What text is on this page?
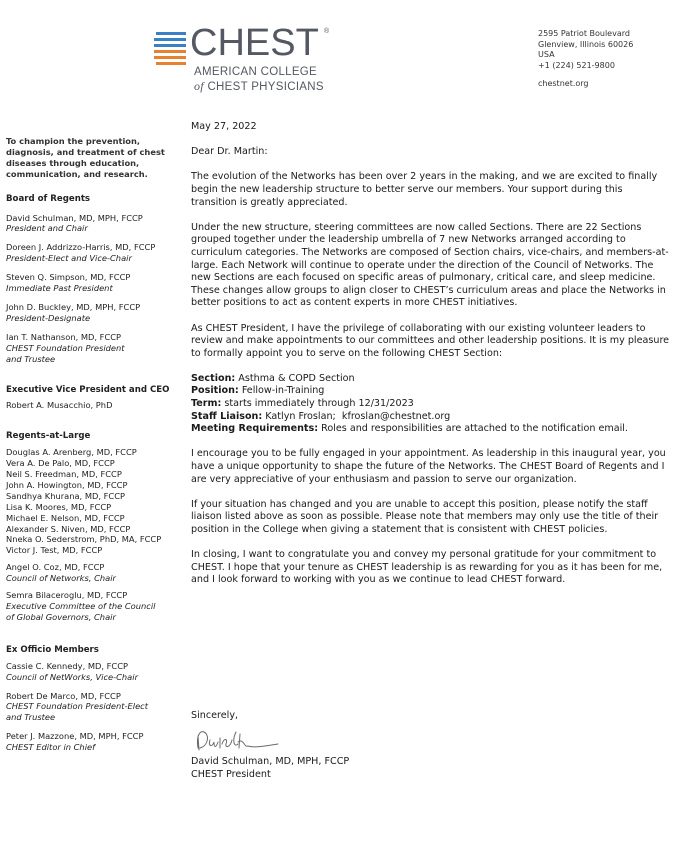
CHEST ®
AMERICAN COLLEGE
of CHEST PHYSICIANS
2595 Patriot Boulevard
Glenview, Illinois 60026
USA
+1 (224) 521-9800
chestnet.org
To champion the prevention, diagnosis, and treatment of chest diseases through education, communication, and research.
Board of Regents
David Schulman, MD, MPH, FCCP
President and Chair
Doreen J. Addrizzo-Harris, MD, FCCP
President-Elect and Vice-Chair
Steven Q. Simpson, MD, FCCP
Immediate Past President
John D. Buckley, MD, MPH, FCCP
President-Designate
Ian T. Nathanson, MD, FCCP
CHEST Foundation President and Trustee
Executive Vice President and CEO
Robert A. Musacchio, PhD
Regents-at-Large
Douglas A. Arenberg, MD, FCCP
Vera A. De Palo, MD, FCCP
Neil S. Freedman, MD, FCCP
John A. Howington, MD, FCCP
Sandhya Khurana, MD, FCCP
Lisa K. Moores, MD, FCCP
Michael E. Nelson, MD, FCCP
Alexander S. Niven, MD, FCCP
Nneka O. Sederstrom, PhD, MA, FCCP
Victor J. Test, MD, FCCP
Angel O. Coz, MD, FCCP
Council of Networks, Chair
Semra Bilaceroglu, MD, FCCP
Executive Committee of the Council of Global Governors, Chair
Ex Officio Members
Cassie C. Kennedy, MD, FCCP
Council of NetWorks, Vice-Chair
Robert De Marco, MD, FCCP
CHEST Foundation President-Elect and Trustee
Peter J. Mazzone, MD, MPH, FCCP
CHEST Editor in Chief

May 27, 2022

Dear Dr. Martin:

The evolution of the Networks has been over 2 years in the making, and we are excited to finally begin the new leadership structure to better serve our members. Your support during this transition is greatly appreciated.

Under the new structure, steering committees are now called Sections. There are 22 Sections grouped together under the leadership umbrella of 7 new Networks arranged according to curriculum categories. The Networks are composed of Section chairs, vice-chairs, and members-at-large. Each Network will continue to operate under the direction of the Council of Networks. The new Sections are each focused on specific areas of pulmonary, critical care, and sleep medicine. These changes allow groups to align closer to CHEST’s curriculum areas and place the Networks in better positions to act as content experts in more CHEST initiatives.

As CHEST President, I have the privilege of collaborating with our existing volunteer leaders to review and make appointments to our committees and other leadership positions. It is my pleasure to formally appoint you to serve on the following CHEST Section:

Section: Asthma & COPD Section
Position: Fellow-in-Training
Term: starts immediately through 12/31/2023
Staff Liaison: Katlyn Froslan;  kfroslan@chestnet.org
Meeting Requirements: Roles and responsibilities are attached to the notification email.

I encourage you to be fully engaged in your appointment. As leadership in this inaugural year, you have a unique opportunity to shape the future of the Networks. The CHEST Board of Regents and I are very appreciative of your enthusiasm and passion to serve our organization.

If your situation has changed and you are unable to accept this position, please notify the staff liaison listed above as soon as possible. Please note that members may only use the title of their position in the College when giving a statement that is consistent with CHEST policies.

In closing, I want to congratulate you and convey my personal gratitude for your commitment to CHEST. I hope that your tenure as CHEST leadership is as rewarding for you as it has been for me, and I look forward to working with you as we continue to lead CHEST forward.

Sincerely,
David Schulman, MD, MPH, FCCP
CHEST President
